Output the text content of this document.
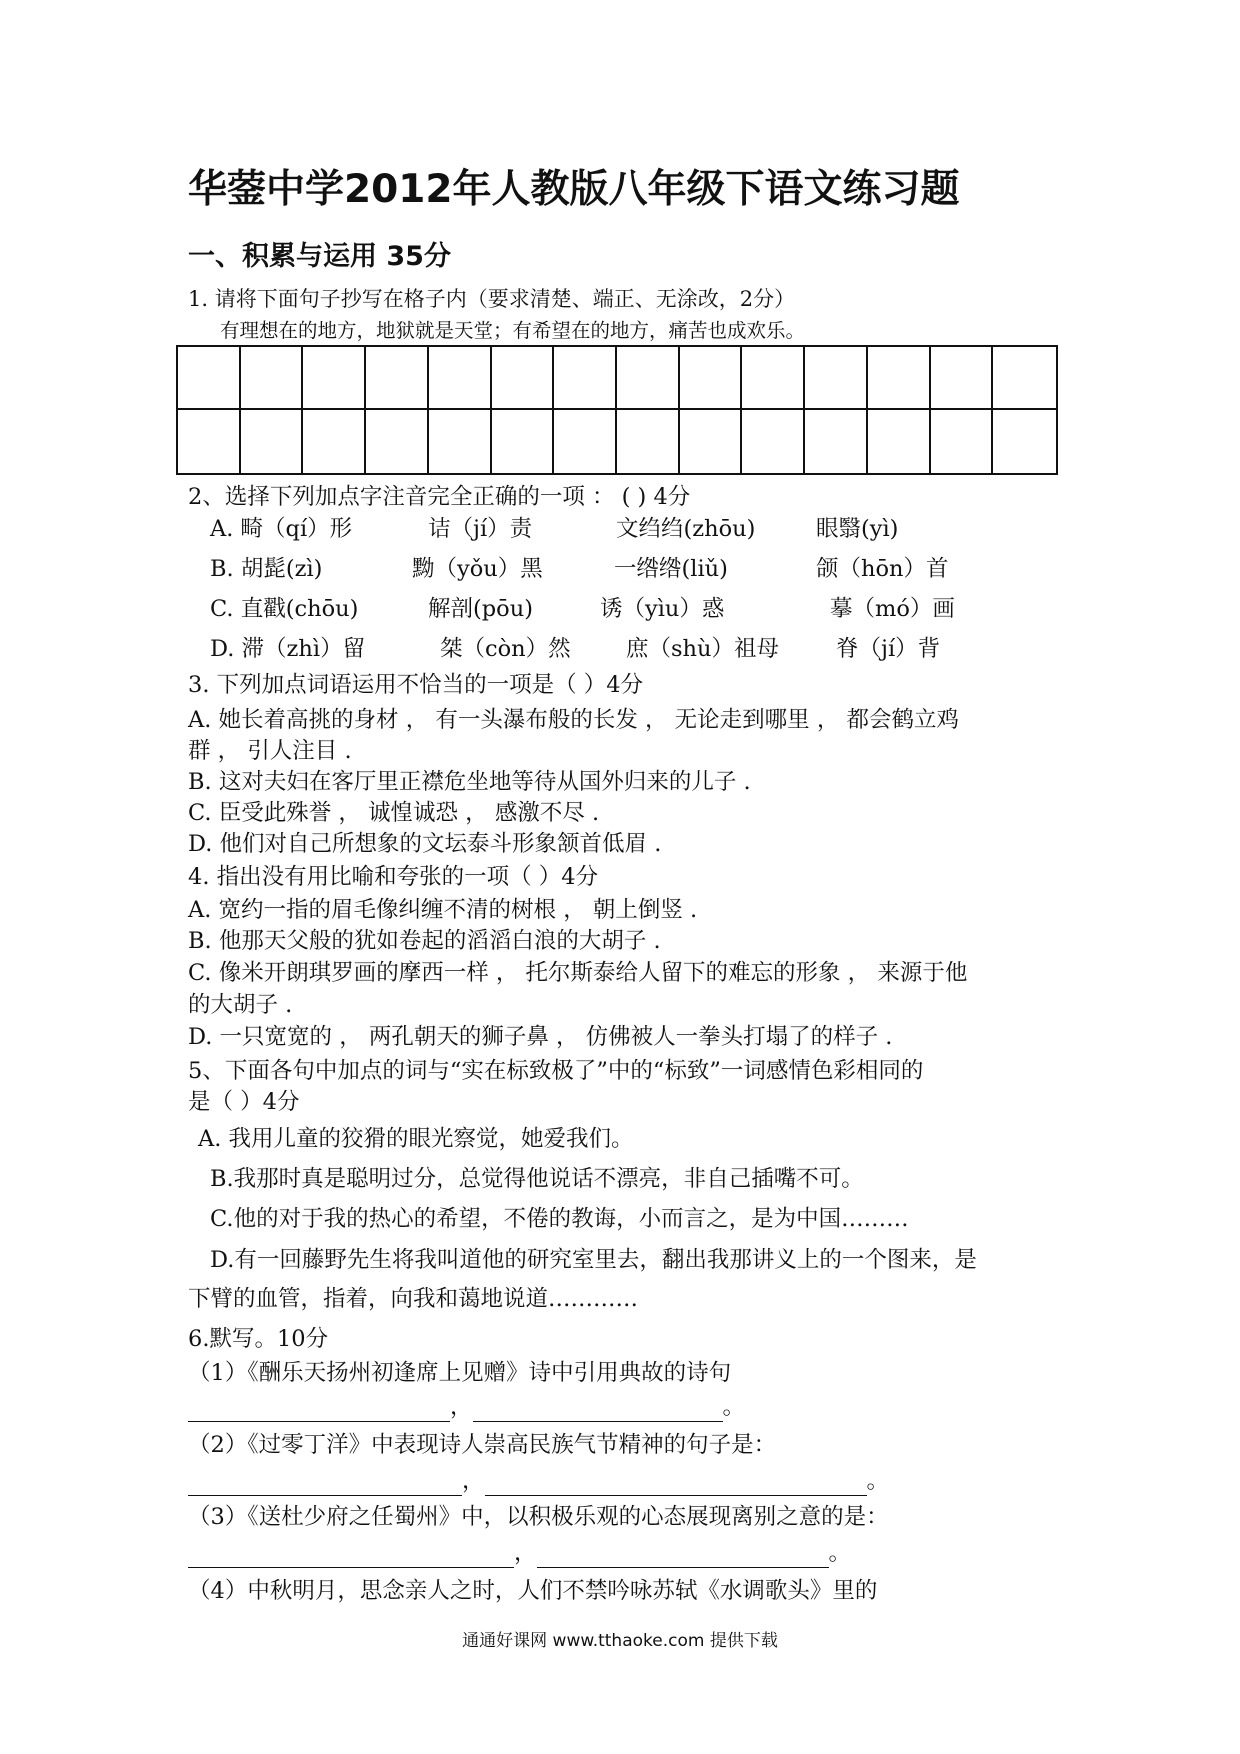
华蓥中学2012年人教版八年级下语文练习题
一、积累与运用 35分
1. 请将下面句子抄写在格子内（要求清楚、端正、无涂改，2分）
有理想在的地方，地狱就是天堂；有希望在的地方，痛苦也成欢乐。
2、选择下列加点字注音完全正确的一项 ： ( ) 4分
A. 畸（qí）形	诘（jí）责	文绉绉(zhōu)	眼翳(yì)
B. 胡髭(zì)	黝（yǒu）黑	一绺绺(liǔ)	颌（hōn）首
C. 直戳(chōu)	解剖(pōu)	诱（yìu）惑	摹（mó）画
D. 滞（zhì）留	桀（còn）然 庶（shù）祖母	脊（jí）背
3. 下列加点词语运用不恰当的一项是（ ）4分
A. 她长着高挑的身材 ， 有一头瀑布般的长发 ， 无论走到哪里 ， 都会鹤立鸡
群 ， 引人注目 .
B. 这对夫妇在客厅里正襟危坐地等待从国外归来的儿子 .
C. 臣受此殊誉 ， 诚惶诚恐 ， 感激不尽 .
D. 他们对自己所想象的文坛泰斗形象颔首低眉 .
4. 指出没有用比喻和夸张的一项（ ）4分
A. 宽约一指的眉毛像纠缠不清的树根 ， 朝上倒竖 .
B. 他那天父般的犹如卷起的滔滔白浪的大胡子 .
C. 像米开朗琪罗画的摩西一样 ， 托尔斯泰给人留下的难忘的形象 ， 来源于他
的大胡子 .
D. 一只宽宽的 ， 两孔朝天的狮子鼻 ， 仿佛被人一拳头打塌了的样子 .
5、下面各句中加点的词与“实在标致极了”中的“标致”一词感情色彩相同的
是（ ）4分
A. 我用儿童的狡猾的眼光察觉，她爱我们。
B.我那时真是聪明过分，总觉得他说话不漂亮，非自己插嘴不可。
C.他的对于我的热心的希望，不倦的教诲，小而言之，是为中国………
D.有一回藤野先生将我叫道他的研究室里去，翻出我那讲义上的一个图来，是
下臂的血管，指着，向我和蔼地说道…………
6.默写。10分
（1）《酬乐天扬州初逢席上见赠》诗中引用典故的诗句
，	。
（2）《过零丁洋》中表现诗人崇高民族气节精神的句子是：
，	。
（3）《送杜少府之任蜀州》中，以积极乐观的心态展现离别之意的是：
，	。
（4）中秋明月，思念亲人之时，人们不禁吟咏苏轼《水调歌头》里的
通通好课网 www.tthaoke.com 提供下载
